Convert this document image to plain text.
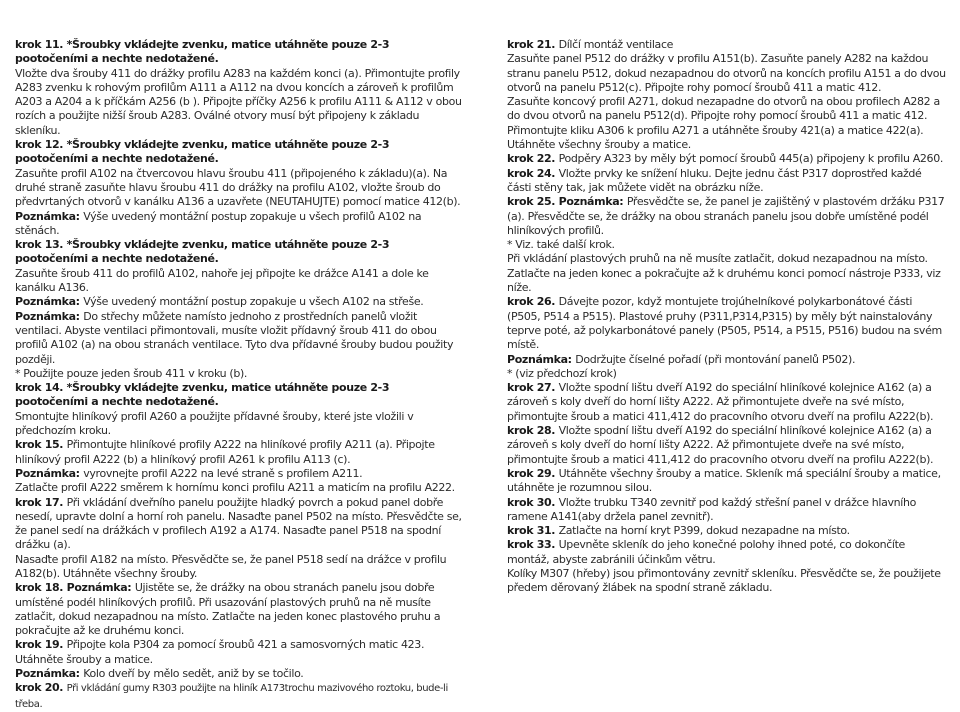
krok 11. *Šroubky vkládejte zvenku, matice utáhněte pouze 2-3 pootočeními a nechte nedotažené.

Vložte dva šrouby 411 do drážky profilu A283 na každém konci (a). Přimontujte profily A283 zvenku k rohovým profilům A111 a A112 na dvou koncích a zároveň k profilům A203 a A204 a k příčkám A256 (b ). Připojte příčky A256 k profilu A111 & A112 v obou rozích a použijte nižší šroub A283. Oválné otvory musí být připojeny k základu skleníku.

krok 12. *Šroubky vkládejte zvenku, matice utáhněte pouze 2-3 pootočeními a nechte nedotažené.

Zasuňte profil A102 na čtvercovou hlavu šroubu 411 (připojeného k základu)(a). Na druhé straně zasuňte hlavu šroubu 411 do drážky na profilu A102, vložte šroub do předvrtaných otvorů v kanálku A136 a uzavřete (NEUTAHUJTE) pomocí matice 412(b).

Poznámka: Výše uvedený montážní postup zopakuje u všech profilů A102 na stěnách.

krok 13. *Šroubky vkládejte zvenku, matice utáhněte pouze 2-3 pootočeními a nechte nedotažené.

Zasuňte šroub 411 do profilů A102, nahoře jej připojte ke drážce A141 a dole ke kanálku A136.

Poznámka: Výše uvedený montážní postup zopakuje u všech A102 na střeše.

Poznámka: Do střechy můžete namísto jednoho z prostředních panelů vložit ventilaci. Abyste ventilaci přimontovali, musíte vložit přídavný šroub 411 do obou profilů A102 (a) na obou stranách ventilace. Tyto dva přídavné šrouby budou použity později.

* Použijte pouze jeden šroub 411 v kroku (b).

krok 14. *Šroubky vkládejte zvenku, matice utáhněte pouze 2-3 pootočeními a nechte nedotažené.

Smontujte hliníkový profil A260 a použijte přídavné šrouby, které jste vložili v předchozím kroku.

krok 15. Přimontujte hliníkové profily A222 na hliníkové profily A211 (a). Připojte hliníkový profil A222 (b) a hliníkový profil A261 k profilu A113 (c).

Poznámka: vyrovnejte profil A222 na levé straně s profilem A211.

Zatlačte profil A222 směrem k hornímu konci profilu A211 a maticím na profilu A222.

krok 17. Při vkládání dveřního panelu použijte hladký povrch a pokud panel dobře nesedí, upravte dolní a horní roh panelu. Nasaďte panel P502 na místo. Přesvědčte se, že panel sedí na drážkách v profilech A192 a A174. Nasaďte panel P518 na spodní drážku (a).

Nasaďte profil A182 na místo. Přesvědčte se, že panel P518 sedí na drážce v profilu A182(b). Utáhněte všechny šrouby.

krok 18. Poznámka: Ujistěte se, že drážky na obou stranách panelu jsou dobře umístěné podél hliníkových profilů. Při usazování plastových pruhů na ně musíte zatlačit, dokud nezapadnou na místo. Zatlačte na jeden konec plastového pruhu a pokračujte až ke druhému konci.

krok 19. Připojte kola P304 za pomocí šroubů 421 a samosvorných matic 423. Utáhněte šrouby a matice.

Poznámka: Kolo dveří by mělo sedět, aniž by se točilo.

krok 20. Při vkládání gumy R303 použijte na hliník A173trochu mazivového roztoku, bude-li třeba.

krok 21. Dílčí montáž ventilace

Zasuňte panel P512 do drážky v profilu A151(b). Zasuňte panely A282 na každou stranu panelu P512, dokud nezapadnou do otvorů na koncích profilu A151 a do dvou otvorů na panelu P512(c). Připojte rohy pomocí šroubů 411 a matic 412.

Zasuňte koncový profil A271, dokud nezapadne do otvorů na obou profilech A282 a do dvou otvorů na panelu P512(d). Připojte rohy pomocí šroubů 411 a matic 412.

Přimontujte kliku A306 k profilu A271 a utáhněte šrouby 421(a) a matice 422(a). Utáhněte všechny šrouby a matice.

krok 22. Podpěry A323 by měly být pomocí šroubů 445(a) připojeny k profilu A260.

krok 24. Vložte prvky ke snížení hluku. Dejte jednu část P317 doprostřed každé části stěny tak, jak můžete vidět na obrázku níže.

krok 25. Poznámka: Přesvědčte se, že panel je zajištěný v plastovém držáku P317 (a). Přesvědčte se, že drážky na obou stranách panelu jsou dobře umístěné podél hliníkových profilů.

* Viz. také další krok.

Při vkládání plastových pruhů na ně musíte zatlačit, dokud nezapadnou na místo. Zatlačte na jeden konec a pokračujte až k druhému konci pomocí nástroje P333, viz níže.

krok 26. Dávejte pozor, když montujete trojúhelníkové polykarbonátové části (P505, P514 a P515). Plastové pruhy (P311,P314,P315) by měly být nainstalovány teprve poté, až polykarbonátové panely (P505, P514, a P515, P516) budou na svém místě.

Poznámka: Dodržujte číselné pořadí (při montování panelů P502).

* (viz předchozí krok)

krok 27. Vložte spodní lištu dveří A192 do speciální hliníkové kolejnice A162 (a) a zároveň s koly dveří do horní lišty A222. Až přimontujete dveře na své místo, přimontujte šroub a matici 411,412 do pracovního otvoru dveří na profilu A222(b).

krok 28. Vložte spodní lištu dveří A192 do speciální hliníkové kolejnice A162 (a) a zároveň s koly dveří do horní lišty A222. Až přimontujete dveře na své místo, přimontujte šroub a matici 411,412 do pracovního otvoru dveří na profilu A222(b).

krok 29. Utáhněte všechny šrouby a matice. Skleník má speciální šrouby a matice, utáhněte je rozumnou silou.

krok 30. Vložte trubku T340 zevnitř pod každý střešní panel v drážce hlavního ramene A141(aby drželа panel zevnitř).

krok 31. Zatlačte na horní kryt P399, dokud nezapadne na místo.

krok 33. Upevněte skleník do jeho konečné polohy ihned poté, co dokončíte montáž, abyste zabránili účinkům větru.

Kolíky M307 (hřeby) jsou přimontovány zevnitř skleníku. Přesvědčte se, že použijete předem děrovaný žlábek na spodní straně základu.
